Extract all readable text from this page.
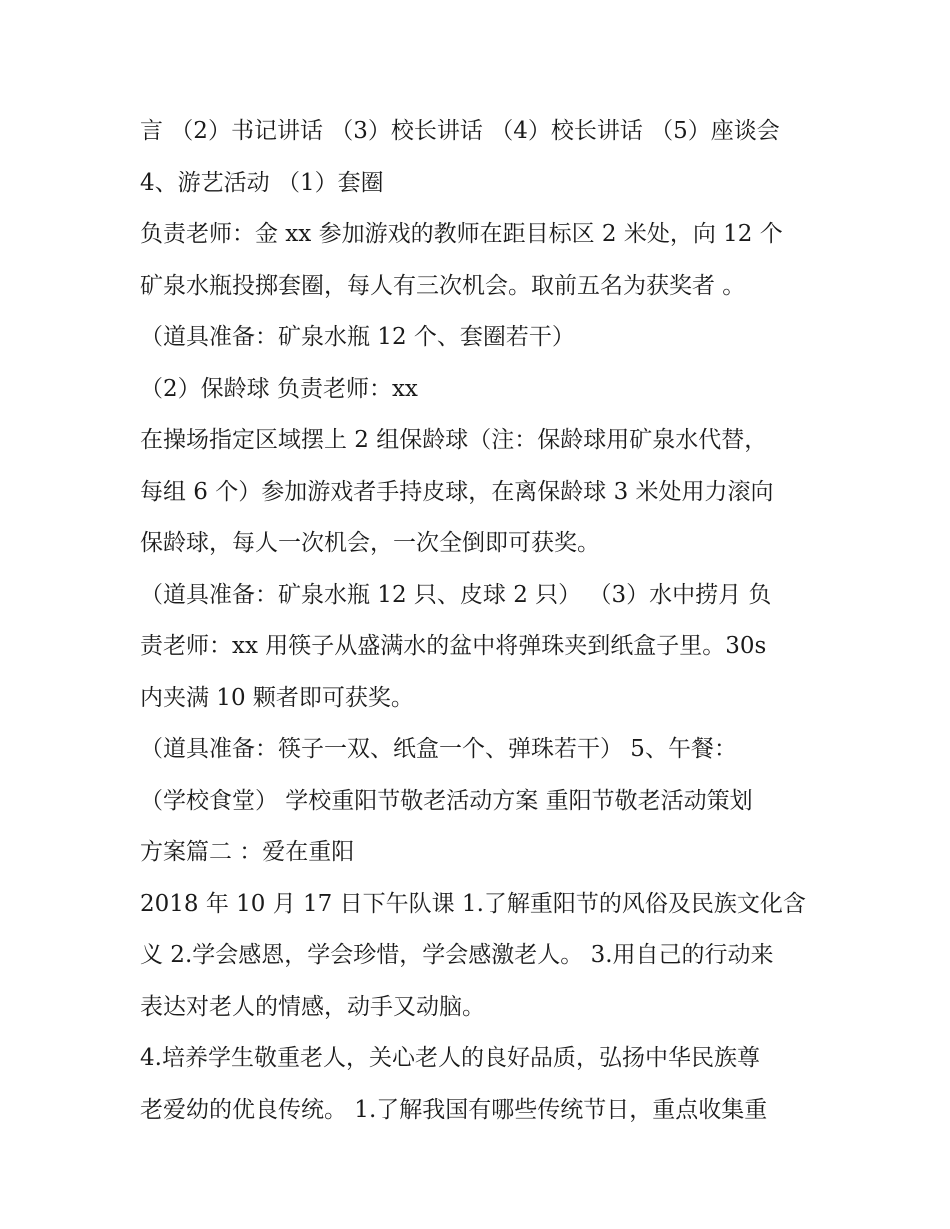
言 （2）书记讲话 （3）校长讲话 （4）校长讲话 （5）座谈会
4、游艺活动 （1）套圈
负责老师：金 xx 参加游戏的教师在距目标区 2 米处，向 12 个
矿泉水瓶投掷套圈，每人有三次机会。取前五名为获奖者 。
（道具准备：矿泉水瓶 12 个、套圈若干）
（2）保龄球 负责老师：xx
在操场指定区域摆上 2 组保龄球（注：保龄球用矿泉水代替，
每组 6 个）参加游戏者手持皮球，在离保龄球 3 米处用力滚向
保龄球，每人一次机会，一次全倒即可获奖。
（道具准备：矿泉水瓶 12 只、皮球 2 只） （3）水中捞月 负
责老师：xx 用筷子从盛满水的盆中将弹珠夹到纸盒子里。30s
内夹满 10 颗者即可获奖。
（道具准备：筷子一双、纸盒一个、弹珠若干） 5、午餐：
（学校食堂） 学校重阳节敬老活动方案 重阳节敬老活动策划
方案篇二 ：爱在重阳
2018 年 10 月 17 日下午队课 1.了解重阳节的风俗及民族文化含
义 2.学会感恩，学会珍惜，学会感激老人。 3.用自己的行动来
表达对老人的情感，动手又动脑。
4.培养学生敬重老人，关心老人的良好品质，弘扬中华民族尊
老爱幼的优良传统。 1.了解我国有哪些传统节日，重点收集重
